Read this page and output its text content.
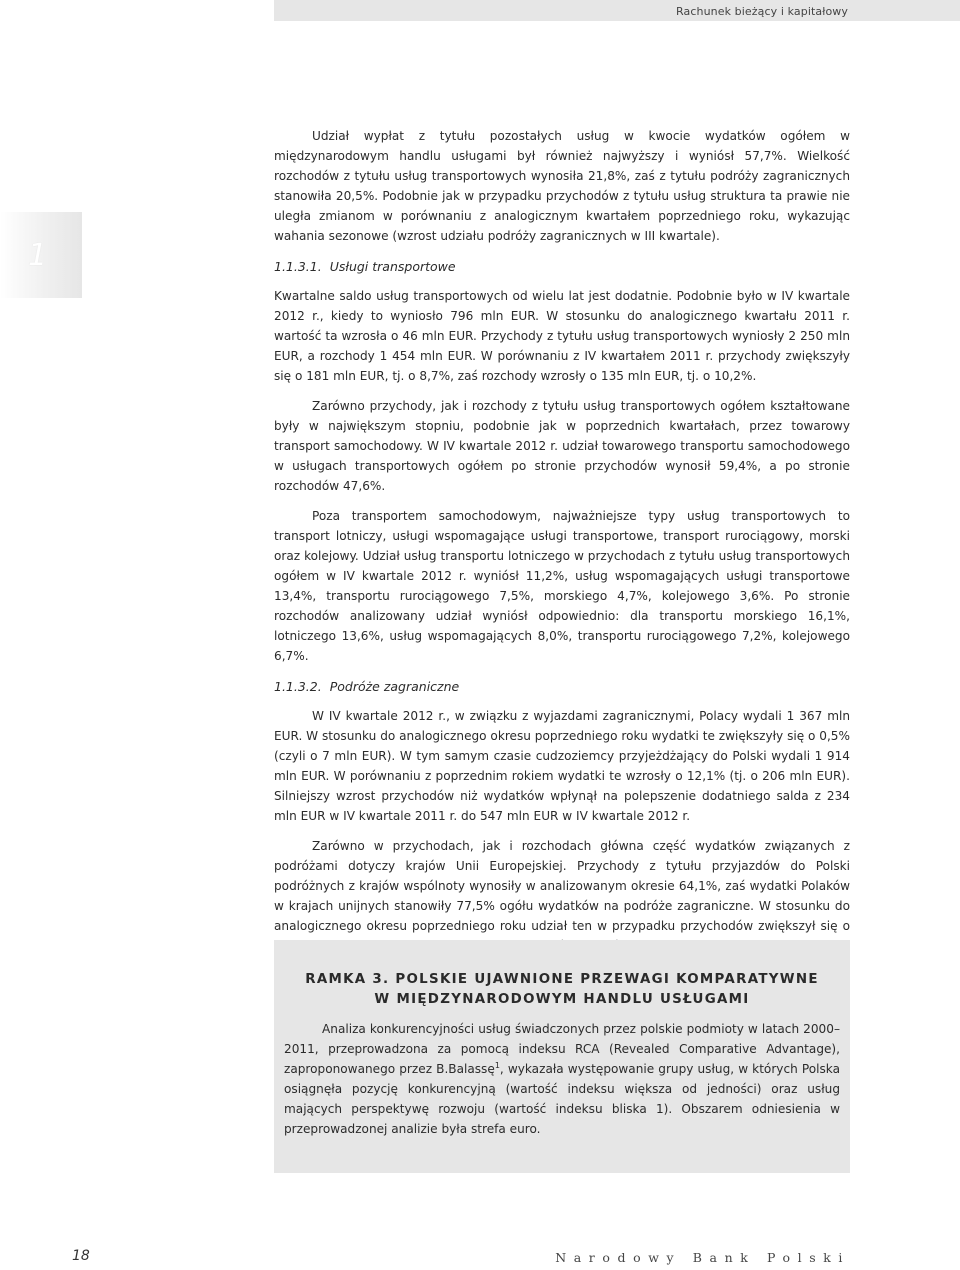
Rachunek bieżący i kapitałowy
1

Udział wypłat z tytułu pozostałych usług w kwocie wydatków ogółem w międzynarodowym handlu usługami był również najwyższy i wyniósł 57,7%. Wielkość rozchodów z tytułu usług transportowych wynosiła 21,8%, zaś z tytułu podróży zagranicznych stanowiła 20,5%. Podobnie jak w przypadku przychodów z tytułu usług struktura ta prawie nie uległa zmianom w porównaniu z analogicznym kwartałem poprzedniego roku, wykazując wahania sezonowe (wzrost udziału podróży zagranicznych w III kwartale).

1.1.3.1. Usługi transportowe

Kwartalne saldo usług transportowych od wielu lat jest dodatnie. Podobnie było w IV kwartale 2012 r., kiedy to wyniosło 796 mln EUR. W stosunku do analogicznego kwartału 2011 r. wartość ta wzrosła o 46 mln EUR. Przychody z tytułu usług transportowych wyniosły 2 250 mln EUR, a rozchody 1 454 mln EUR. W porównaniu z IV kwartałem 2011 r. przychody zwiększyły się o 181 mln EUR, tj. o 8,7%, zaś rozchody wzrosły o 135 mln EUR, tj. o 10,2%.

Zarówno przychody, jak i rozchody z tytułu usług transportowych ogółem kształtowane były w największym stopniu, podobnie jak w poprzednich kwartałach, przez towarowy transport samochodowy. W IV kwartale 2012 r. udział towarowego transportu samochodowego w usługach transportowych ogółem po stronie przychodów wynosił 59,4%, a po stronie rozchodów 47,6%.

Poza transportem samochodowym, najważniejsze typy usług transportowych to transport lotniczy, usługi wspomagające usługi transportowe, transport rurociągowy, morski oraz kolejowy. Udział usług transportu lotniczego w przychodach z tytułu usług transportowych ogółem w IV kwartale 2012 r. wyniósł 11,2%, usług wspomagających usługi transportowe 13,4%, transportu rurociągowego 7,5%, morskiego 4,7%, kolejowego 3,6%. Po stronie rozchodów analizowany udział wyniósł odpowiednio: dla transportu morskiego 16,1%, lotniczego 13,6%, usług wspomagających 8,0%, transportu rurociągowego 7,2%, kolejowego 6,7%.

1.1.3.2. Podróże zagraniczne

W IV kwartale 2012 r., w związku z wyjazdami zagranicznymi, Polacy wydali 1 367 mln EUR. W stosunku do analogicznego okresu poprzedniego roku wydatki te zwiększyły się o 0,5% (czyli o 7 mln EUR). W tym samym czasie cudzoziemcy przyjeżdżający do Polski wydali 1 914 mln EUR. W porównaniu z poprzednim rokiem wydatki te wzrosły o 12,1% (tj. o 206 mln EUR). Silniejszy wzrost przychodów niż wydatków wpłynął na polepszenie dodatniego salda z 234 mln EUR w IV kwartale 2011 r. do 547 mln EUR w IV kwartale 2012 r.

Zarówno w przychodach, jak i rozchodach główna część wydatków związanych z podróżami dotyczy krajów Unii Europejskiej. Przychody z tytułu przyjazdów do Polski podróżnych z krajów wspólnoty wynosiły w analizowanym okresie 64,1%, zaś wydatki Polaków w krajach unijnych stanowiły 77,5% ogółu wydatków na podróże zagraniczne. W stosunku do analogicznego okresu poprzedniego roku udział ten w przypadku przychodów zwiększył się o

RAMKA 3. POLSKIE UJAWNIONE PRZEWAGI KOMPARATYWNE
W MIĘDZYNARODOWYM HANDLU USŁUGAMI

Analiza konkurencyjności usług świadczonych przez polskie podmioty w latach 2000–2011, przeprowadzona za pomocą indeksu RCA (Revealed Comparative Advantage), zaproponowanego przez B.Balassę$^1$, wykazała występowanie grupy usług, w których Polska osiągnęła pozycję konkurencyjną (wartość indeksu większa od jedności) oraz usług mających perspektywę rozwoju (wartość indeksu bliska 1). Obszarem odniesienia w przeprowadzonej analizie była strefa euro.

18	Narodowy Bank Polski
